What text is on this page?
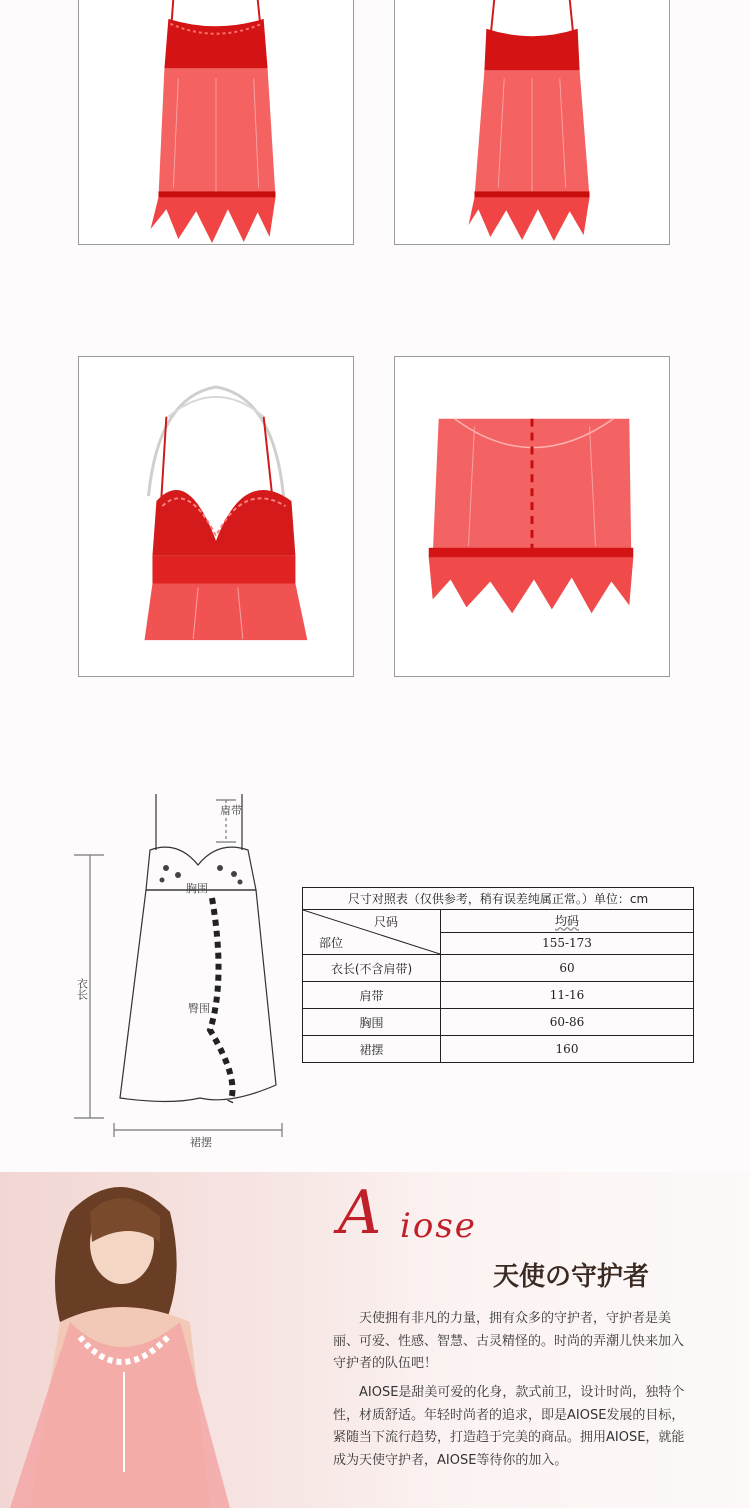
肩带
胸围
臀围
裙摆
衣长
尺寸对照表（仅供参考，稍有误差纯属正常。）单位：cm	

尺码
部位	均码
	155-173
衣长(不含肩带)	60
肩带	11-16
胸围	60-86
裙摆	160
A iose
天使の守护者

天使拥有非凡的力量，拥有众多的守护者，守护者是美丽、可爱、性感、智慧、古灵精怪的。时尚的弄潮儿快来加入守护者的队伍吧！

AIOSE是甜美可爱的化身，款式前卫，设计时尚，独特个性，材质舒适。年轻时尚者的追求，即是AIOSE发展的目标，紧随当下流行趋势，打造趋于完美的商品。拥用AIOSE，就能成为天使守护者，AIOSE等待你的加入。
